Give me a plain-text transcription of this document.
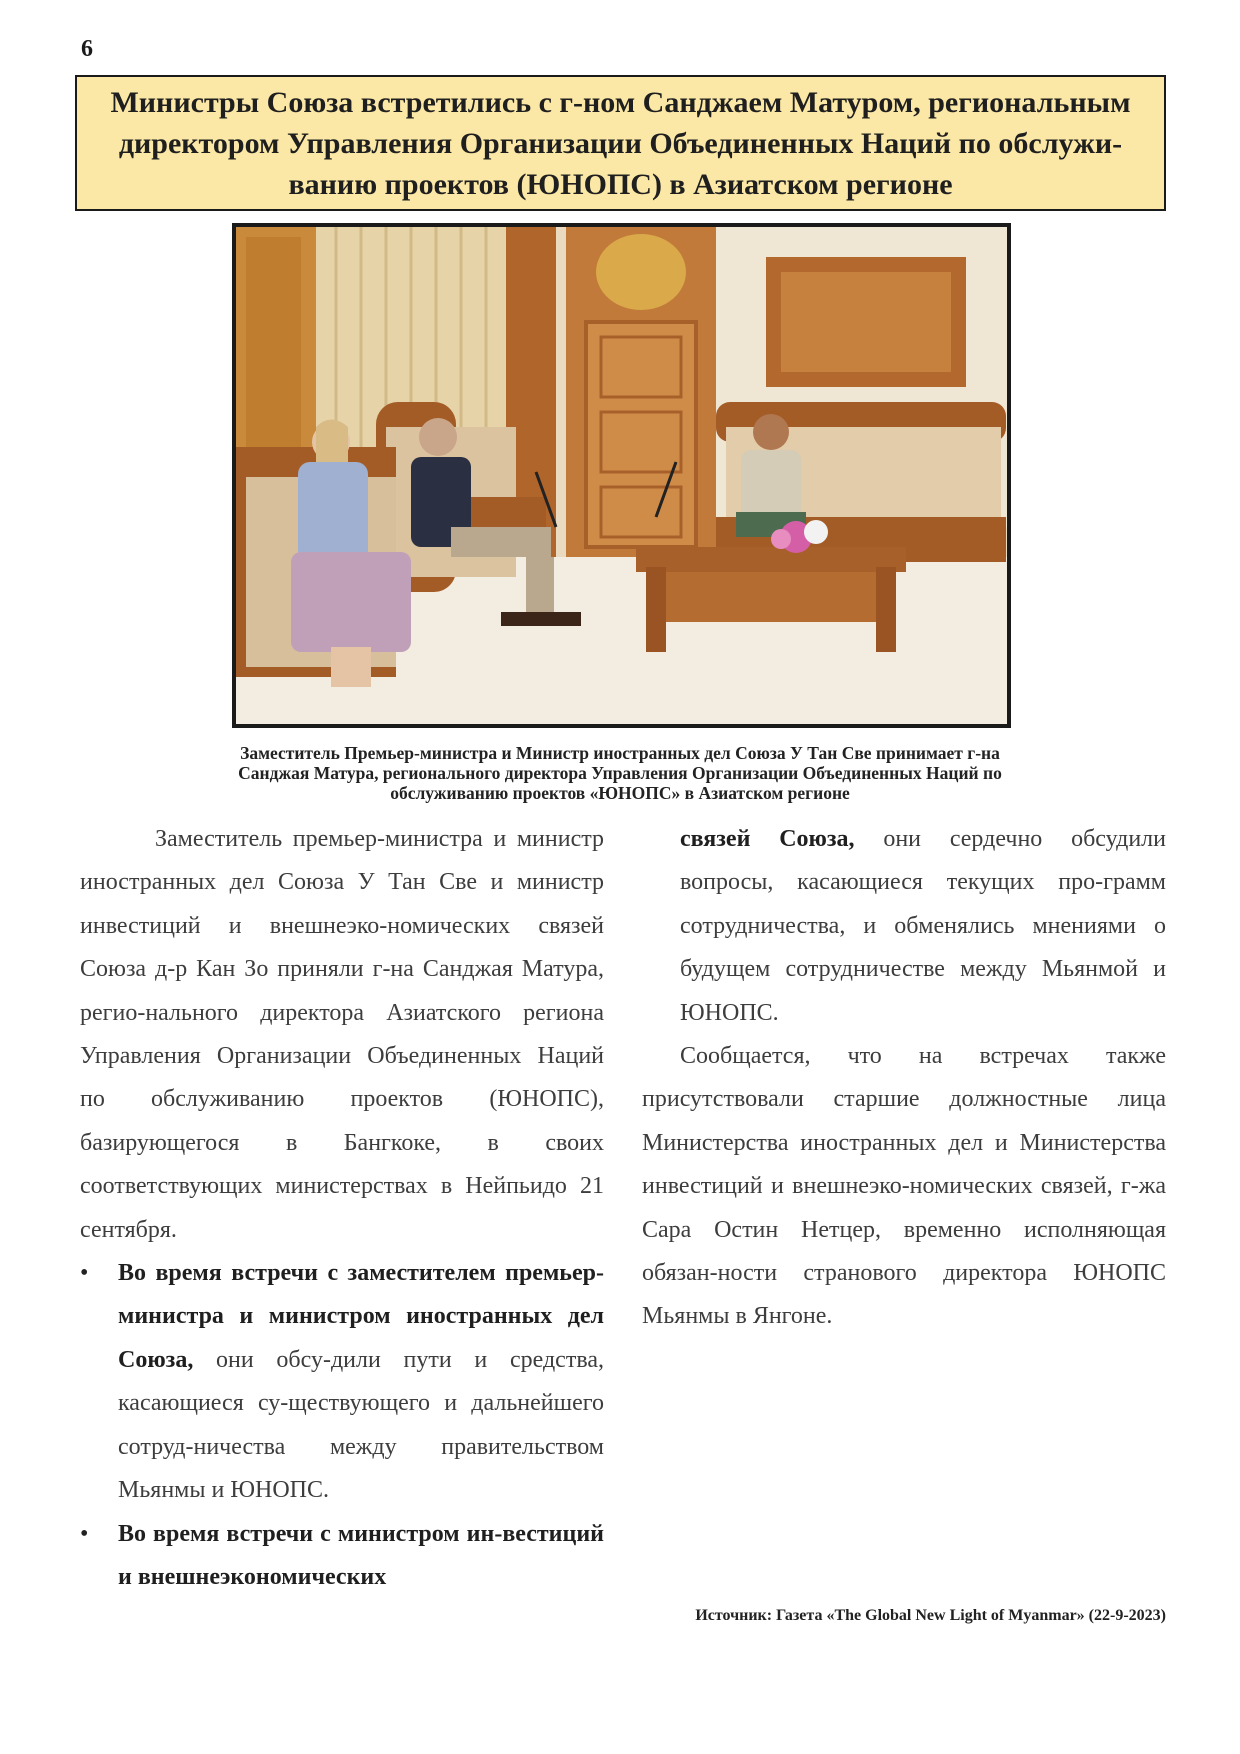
6
Министры Союза встретились с г-ном Санджаем Матуром, региональным директором Управления Организации Объединенных Наций по обслужи-ванию проектов (ЮНОПС) в Азиатском регионе
Заместитель Премьер-министра и Министр иностранных дел Союза У Тан Све принимает г-на
Санджая Матура, регионального директора Управления Организации Объединенных Наций по
обслуживанию проектов «ЮНОПС» в Азиатском регионе

Заместитель премьер-министра и министр иностранных дел Союза У Тан Све и министр инвестиций и внешнеэко-номических связей Союза д-р Кан Зо приняли г-на Санджая Матура, регио-нального директора Азиатского региона Управления Организации Объединенных Наций по обслуживанию проектов (ЮНОПС), базирующегося в Бангкоке, в своих соответствующих министерствах в Нейпьидо 21 сентября.

• Во время встречи с заместителем премьер-министра и министром иностранных дел Союза, они обсу-дили пути и средства, касающиеся су-ществующего и дальнейшего сотруд-ничества между правительством Мьянмы и ЮНОПС.
• Во время встречи с министром ин-вестиций и внешнеэкономических

связей Союза, они сердечно обсудили вопросы, касающиеся текущих про-грамм сотрудничества, и обменялись мнениями о будущем сотрудничестве между Мьянмой и ЮНОПС.

Сообщается, что на встречах также присутствовали старшие должностные лица Министерства иностранных дел и Министерства инвестиций и внешнеэко-номических связей, г-жа Сара Остин Нетцер, временно исполняющая обязан-ности странового директора ЮНОПС Мьянмы в Янгоне.

Источник: Газета «The Global New Light of Myanmar» (22-9-2023)
